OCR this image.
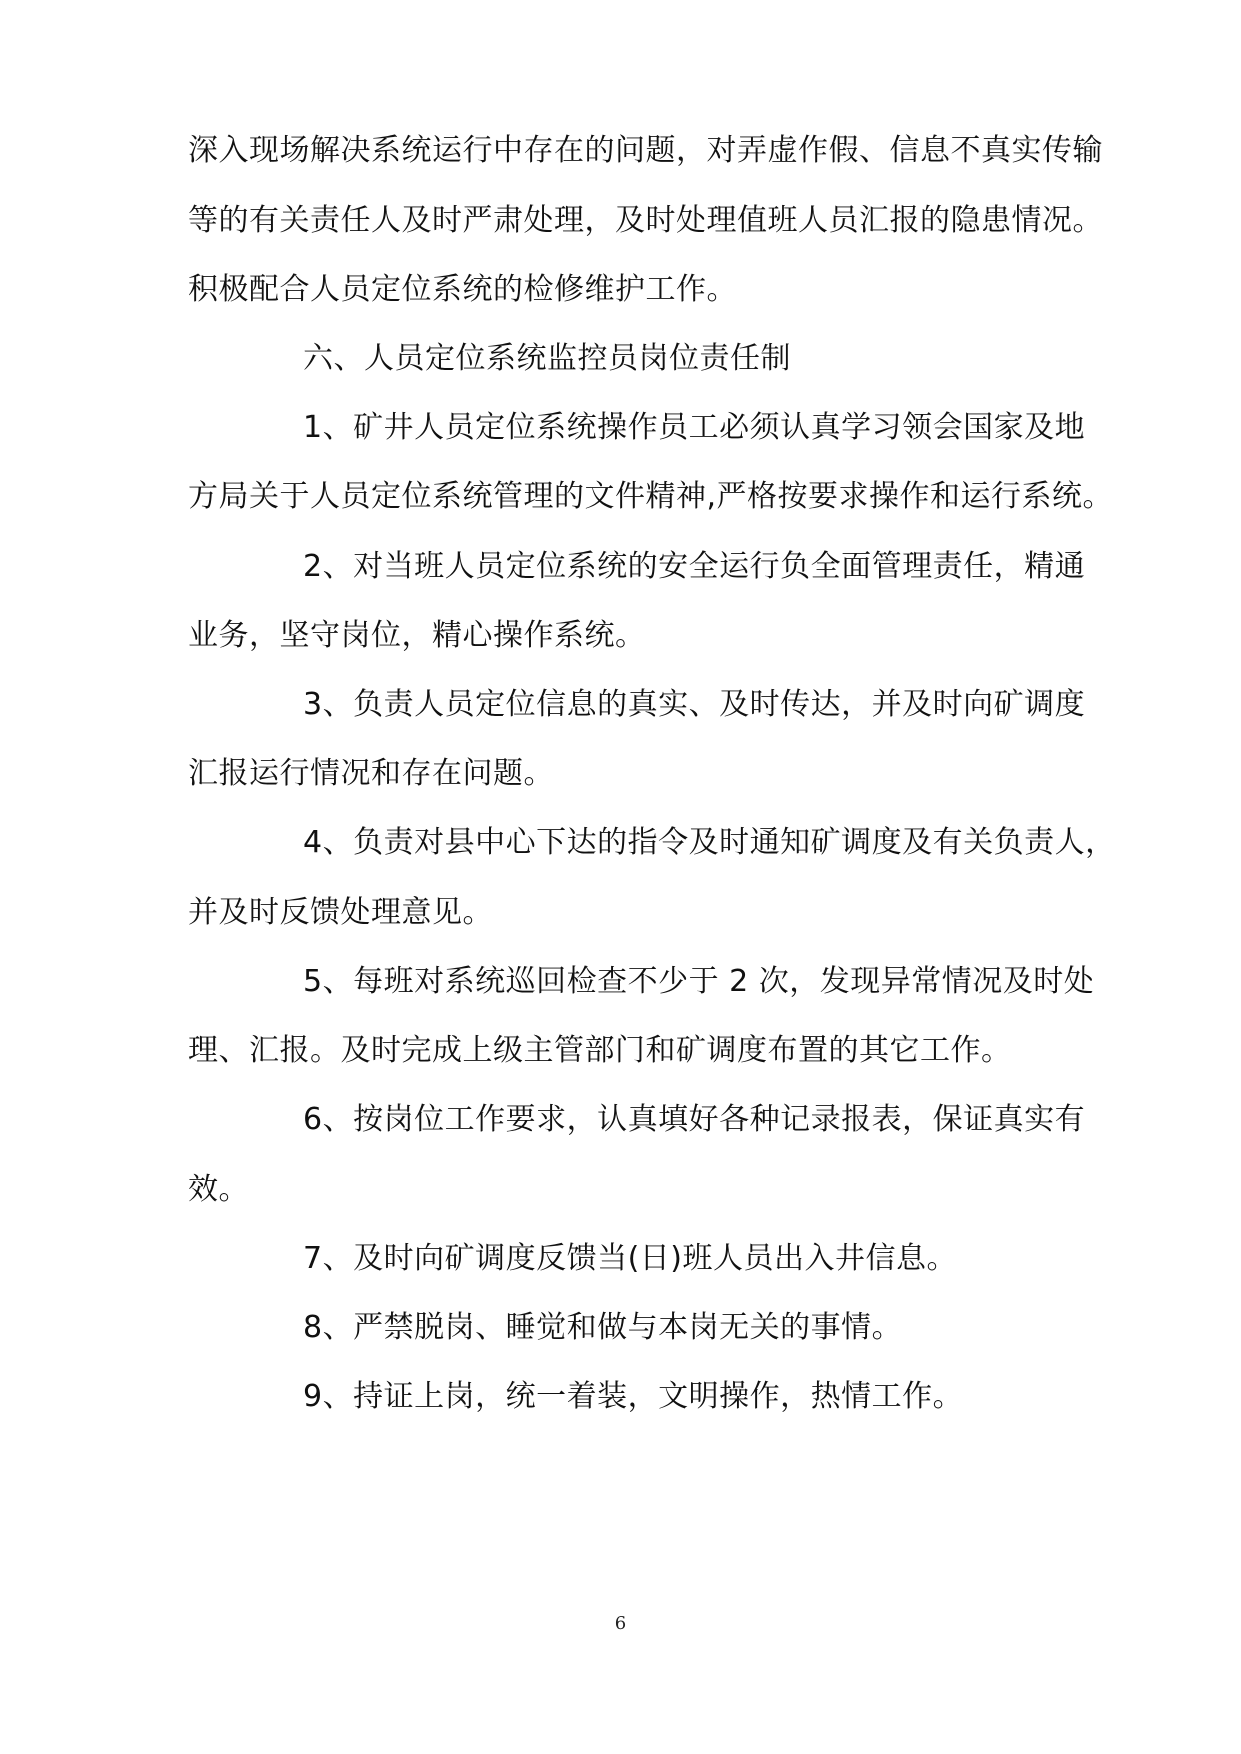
深入现场解决系统运行中存在的问题，对弄虚作假、信息不真实传输
等的有关责任人及时严肃处理，及时处理值班人员汇报的隐患情况。
积极配合人员定位系统的检修维护工作。
六、人员定位系统监控员岗位责任制
1、矿井人员定位系统操作员工必须认真学习领会国家及地
方局关于人员定位系统管理的文件精神,严格按要求操作和运行系统。
2、对当班人员定位系统的安全运行负全面管理责任，精通
业务，坚守岗位，精心操作系统。
3、负责人员定位信息的真实、及时传达，并及时向矿调度
汇报运行情况和存在问题。
4、负责对县中心下达的指令及时通知矿调度及有关负责人，
并及时反馈处理意见。
5、每班对系统巡回检查不少于 2 次，发现异常情况及时处
理、汇报。及时完成上级主管部门和矿调度布置的其它工作。
6、按岗位工作要求，认真填好各种记录报表，保证真实有
效。
7、及时向矿调度反馈当(日)班人员出入井信息。
8、严禁脱岗、睡觉和做与本岗无关的事情。
9、持证上岗，统一着装，文明操作，热情工作。
6
